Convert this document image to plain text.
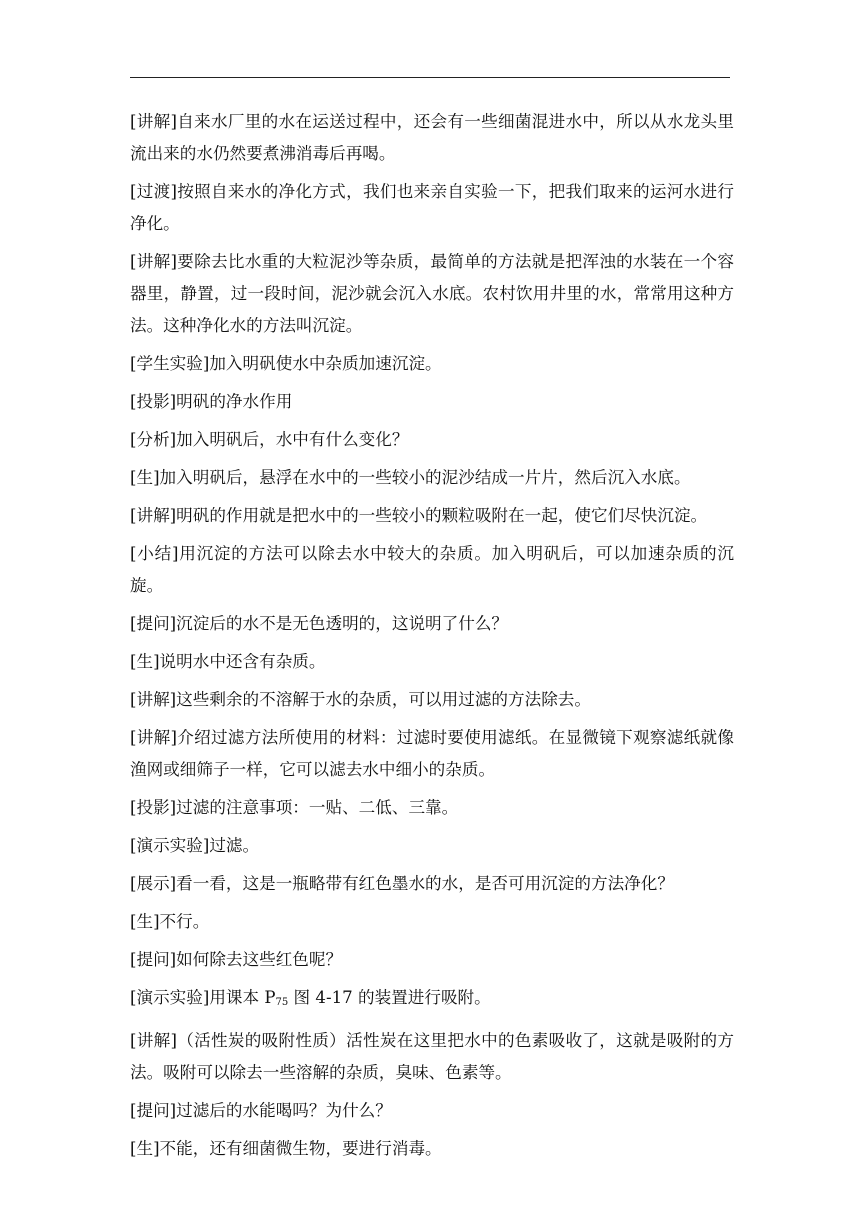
[讲解]自来水厂里的水在运送过程中，还会有一些细菌混进水中，所以从水龙头里流出来的水仍然要煮沸消毒后再喝。

[过渡]按照自来水的净化方式，我们也来亲自实验一下，把我们取来的运河水进行净化。

[讲解]要除去比水重的大粒泥沙等杂质，最简单的方法就是把浑浊的水装在一个容器里，静置，过一段时间，泥沙就会沉入水底。农村饮用井里的水，常常用这种方法。这种净化水的方法叫沉淀。

[学生实验]加入明矾使水中杂质加速沉淀。

[投影]明矾的净水作用

[分析]加入明矾后，水中有什么变化？

[生]加入明矾后，悬浮在水中的一些较小的泥沙结成一片片，然后沉入水底。

[讲解]明矾的作用就是把水中的一些较小的颗粒吸附在一起，使它们尽快沉淀。

[小结]用沉淀的方法可以除去水中较大的杂质。加入明矾后，可以加速杂质的沉旋。

[提问]沉淀后的水不是无色透明的，这说明了什么？

[生]说明水中还含有杂质。

[讲解]这些剩余的不溶解于水的杂质，可以用过滤的方法除去。

[讲解]介绍过滤方法所使用的材料：过滤时要使用滤纸。在显微镜下观察滤纸就像渔网或细筛子一样，它可以滤去水中细小的杂质。

[投影]过滤的注意事项：一贴、二低、三靠。

[演示实验]过滤。

[展示]看一看，这是一瓶略带有红色墨水的水，是否可用沉淀的方法净化？

[生]不行。

[提问]如何除去这些红色呢？

[演示实验]用课本 $P_{75}$ 图 4-17 的装置进行吸附。

[讲解]（活性炭的吸附性质）活性炭在这里把水中的色素吸收了，这就是吸附的方法。吸附可以除去一些溶解的杂质，臭味、色素等。

[提问]过滤后的水能喝吗？为什么？

[生]不能，还有细菌微生物，要进行消毒。
